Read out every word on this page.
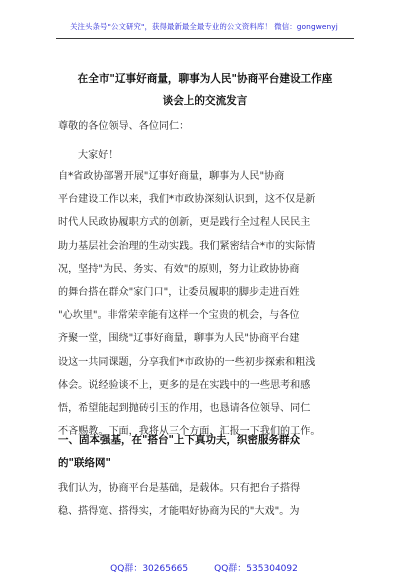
关注头条号"公文研究"，获得最新最全最专业的公文资料库！ 微信：gongwenyj
在全市"辽事好商量，聊事为人民"协商平台建设工作座
谈会上的交流发言
尊敬的各位领导、各位同仁：
大家好！
自*省政协部署开展"辽事好商量，聊事为人民"协商
平台建设工作以来，我们*市政协深刻认识到，这不仅是新
时代人民政协履职方式的创新，更是践行全过程人民民主
助力基层社会治理的生动实践。我们紧密结合*市的实际情
况，坚持"为民、务实、有效"的原则，努力让政协协商
的舞台搭在群众"家门口"，让委员履职的脚步走进百姓
"心坎里"。非常荣幸能有这样一个宝贵的机会，与各位
齐聚一堂，围绕"辽事好商量，聊事为人民"协商平台建
设这一共同课题，分享我们*市政协的一些初步探索和粗浅
体会。说经验谈不上，更多的是在实践中的一些思考和感
悟，希望能起到抛砖引玉的作用，也恳请各位领导、同仁
不吝赐教。下面，我将从三个方面，汇报一下我们的工作。
一、固本强基，在"搭台"上下真功夫，织密服务群众
的"联络网"
我们认为，协商平台是基础，是载体。只有把台子搭得
稳、搭得宽、搭得实，才能唱好协商为民的"大戏"。为
QQ群：30265665	QQ群：535304092
